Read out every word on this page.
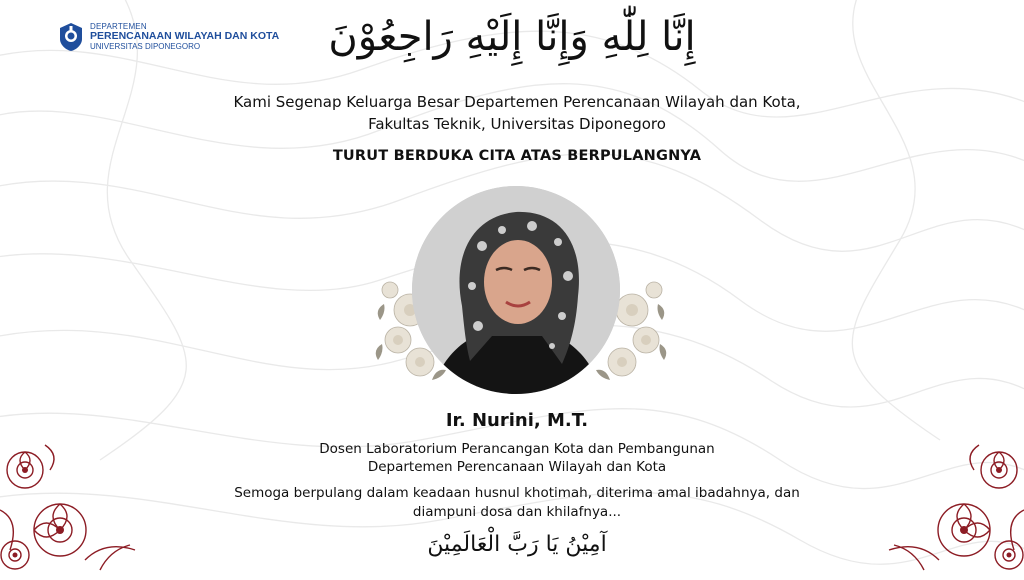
DEPARTEMEN
PERENCANAAN WILAYAH DAN KOTA
UNIVERSITAS DIPONEGORO	إِنَّا لِلّٰهِ وَإِنَّا إِلَيْهِ رَاجِعُوْنَ
Kami Segenap Keluarga Besar Departemen Perencanaan Wilayah dan Kota,
Fakultas Teknik, Universitas Diponegoro
TURUT BERDUKA CITA ATAS BERPULANGNYA
Ir. Nurini, M.T.
Dosen Laboratorium Perancangan Kota dan Pembangunan
Departemen Perencanaan Wilayah dan Kota
Semoga berpulang dalam keadaan husnul khotimah, diterima amal ibadahnya, dan
diampuni dosa dan khilafnya...
آمِيْنُ يَا رَبَّ الْعَالَمِيْنَ
